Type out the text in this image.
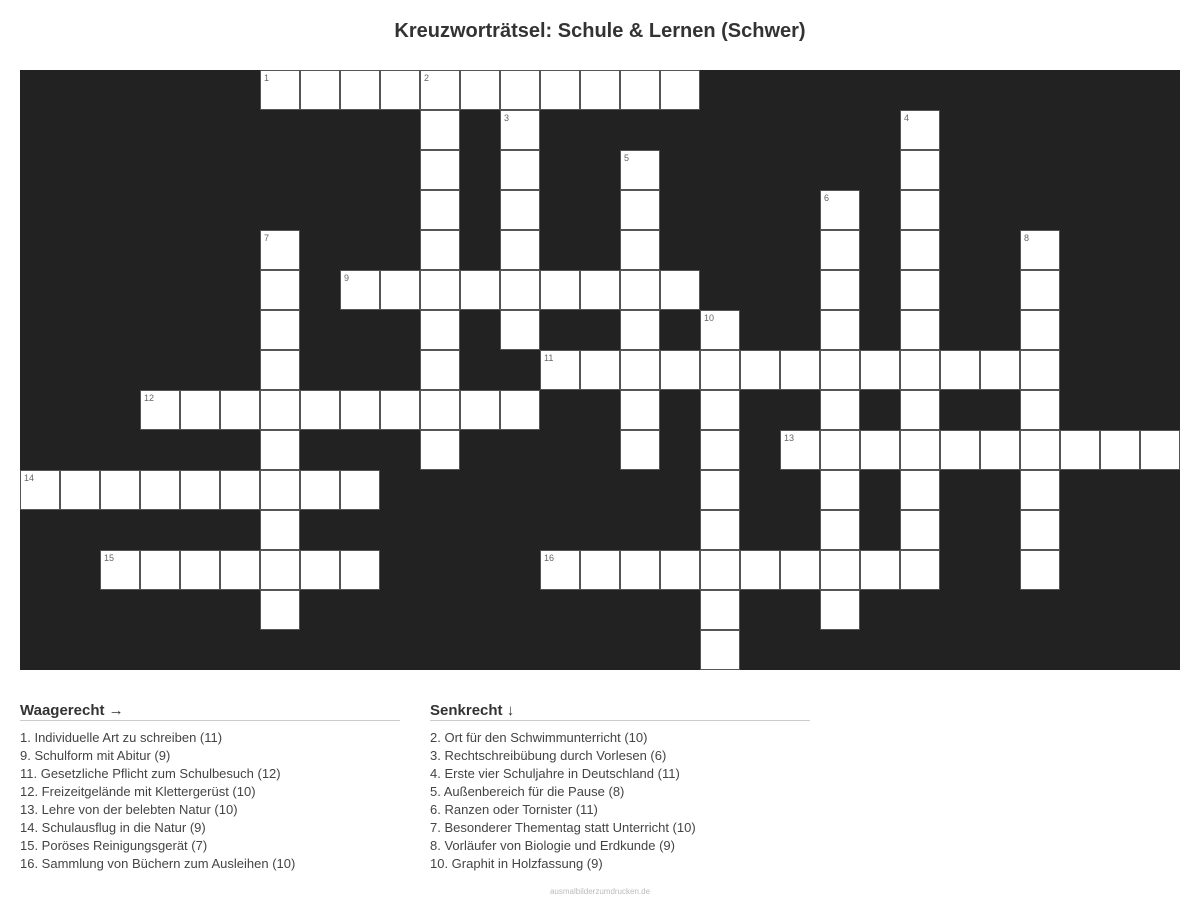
Kreuzworträtsel: Schule & Lernen (Schwer)
1	2
9
11
12
13
14
15	16
3	4
5
6
7	8
10
Waagerecht →
1. Individuelle Art zu schreiben (11)
9. Schulform mit Abitur (9)
11. Gesetzliche Pflicht zum Schulbesuch (12)
12. Freizeitgelände mit Klettergerüst (10)
13. Lehre von der belebten Natur (10)
14. Schulausflug in die Natur (9)
15. Poröses Reinigungsgerät (7)
16. Sammlung von Büchern zum Ausleihen (10)
Senkrecht ↓
2. Ort für den Schwimmunterricht (10)
3. Rechtschreibübung durch Vorlesen (6)
4. Erste vier Schuljahre in Deutschland (11)
5. Außenbereich für die Pause (8)
6. Ranzen oder Tornister (11)
7. Besonderer Thementag statt Unterricht (10)
8. Vorläufer von Biologie und Erdkunde (9)
10. Graphit in Holzfassung (9)
ausmalbilderzumdrucken.de
